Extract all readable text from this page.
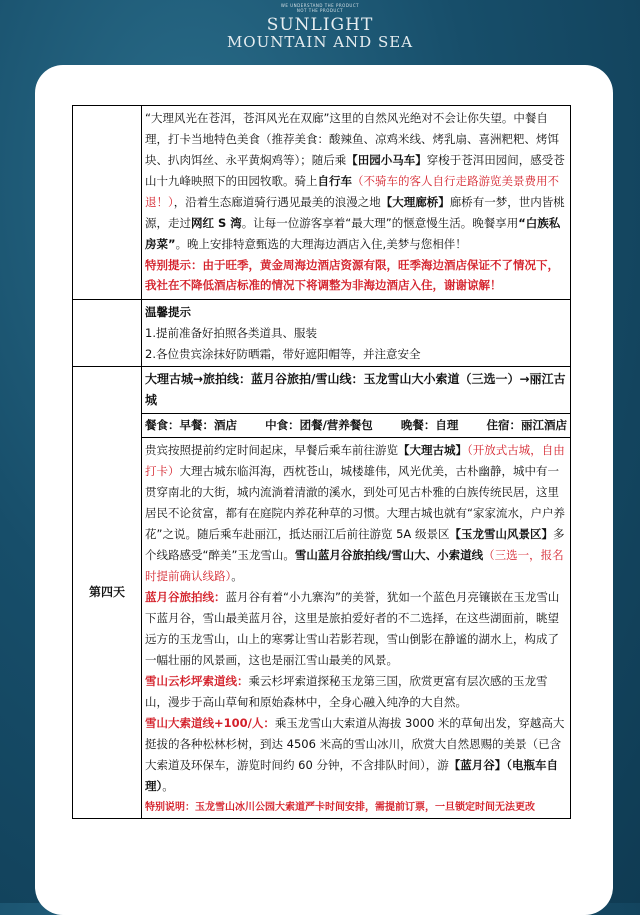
WE UNDERSTAND THE PRODUCT
NOT THE PRODUCT
SUNLIGHT
MOUNTAIN AND SEA

	“大理风光在苍洱，苍洱风光在双廊”这里的自然风光绝对不会让你失望。中餐自理，打卡当地特色美食（推荐美食：酸辣鱼、凉鸡米线、烤乳扇、喜洲粑粑、烤饵块、扒肉饵丝、永平黄焖鸡等）；随后乘【田园小马车】穿梭于苍洱田园间，感受苍山十九峰映照下的田园牧歌。骑上自行车（不骑车的客人自行走路游览美景费用不退！），沿着生态廊道骑行遇见最美的浪漫之地【大理廊桥】廊桥有一梦，世内皆桃源，走过网红 S 湾。让每一位游客享着“最大理”的惬意慢生活。晚餐享用“白族私房菜”。晚上安排特意甄选的大理海边酒店入住,美梦与您相伴！
特别提示：由于旺季，黄金周海边酒店资源有限，旺季海边酒店保证不了情况下，我社在不降低酒店标准的情况下将调整为非海边酒店入住，谢谢谅解！

	温馨提示
1.提前准备好拍照各类道具、服装
2.各位贵宾涂抹好防晒霜，带好遮阳帽等，并注意安全

第四天	大理古城→旅拍线：蓝月谷旅拍/雪山线：玉龙雪山大小索道（三选一）→丽江古城

	餐食：早餐：酒店 中食：团餐/营养餐包 晚餐：自理 住宿：丽江酒店

	贵宾按照提前约定时间起床，早餐后乘车前往游览【大理古城】（开放式古城，自由打卡）大理古城东临洱海，西枕苍山，城楼雄伟，风光优美，古朴幽静，城中有一贯穿南北的大街，城内流淌着清澈的溪水，到处可见古朴雅的白族传统民居，这里居民不论贫富，都有在庭院内养花种草的习惯。大理古城也就有“家家流水，户户养花”之说。随后乘车赴丽江，抵达丽江后前往游览 5A 级景区【玉龙雪山风景区】多个线路感受“醉美”玉龙雪山。雪山蓝月谷旅拍线/雪山大、小索道线（三选一，报名时提前确认线路）。
蓝月谷旅拍线：蓝月谷有着“小九寨沟”的美誉，犹如一个蓝色月亮镶嵌在玉龙雪山下蓝月谷，雪山最美蓝月谷，这里是旅拍爱好者的不二选择，在这些湖面前，眺望远方的玉龙雪山，山上的寒雾让雪山若影若现，雪山倒影在静谧的湖水上，构成了一幅壮丽的风景画，这也是丽江雪山最美的风景。
雪山云杉坪索道线：乘云杉坪索道探秘玉龙第三国，欣赏更富有层次感的玉龙雪山，漫步于高山草甸和原始森林中，全身心融入纯净的大自然。
雪山大索道线+100/人：乘玉龙雪山大索道从海拔 3000 米的草甸出发，穿越高大挺拔的各种松林杉树，到达 4506 米高的雪山冰川，欣赏大自然恩赐的美景（已含大索道及环保车，游览时间约 60 分钟，不含排队时间），游【蓝月谷】（电瓶车自理）。
特别说明：玉龙雪山冰川公园大索道严卡时间安排，需提前订票，一旦锁定时间无法更改
